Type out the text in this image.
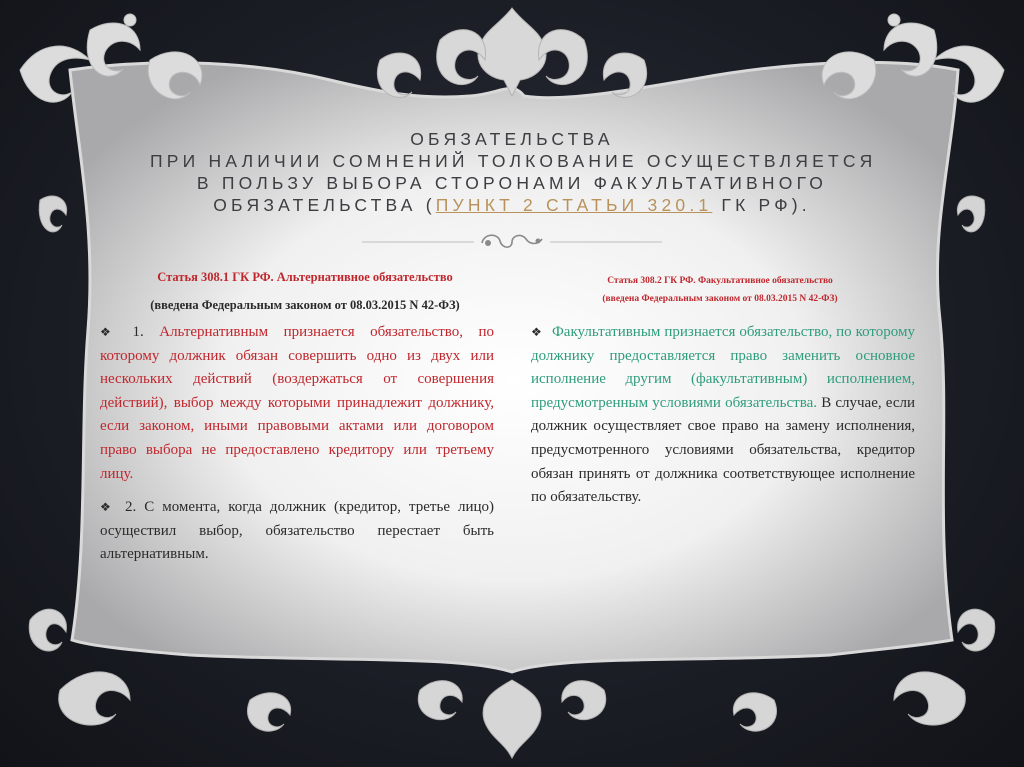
ОБЯЗАТЕЛЬСТВА
ПРИ НАЛИЧИИ СОМНЕНИЙ ТОЛКОВАНИЕ ОСУЩЕСТВЛЯЕТСЯ
В ПОЛЬЗУ ВЫБОРА СТОРОНАМИ ФАКУЛЬТАТИВНОГО
ОБЯЗАТЕЛЬСТВА (ПУНКТ 2 СТАТЬИ 320.1 ГК РФ).

Статья 308.1 ГК РФ. Альтернативное обязательство

(введена Федеральным законом от 08.03.2015 N 42-ФЗ)

Статья 308.2 ГК РФ. Факультативное обязательство

(введена Федеральным законом от 08.03.2015 N 42-ФЗ)

❖ 1. Альтернативным признается обязательство, по которому должник обязан совершить одно из двух или нескольких действий (воздержаться от совершения действий), выбор между которыми принадлежит должнику, если законом, иными правовыми актами или договором право выбора не предоставлено кредитору или третьему лицу.

❖ 2. С момента, когда должник (кредитор, третье лицо) осуществил выбор, обязательство перестает быть альтернативным.

❖ Факультативным признается обязательство, по которому должнику предоставляется право заменить основное исполнение другим (факультативным) исполнением, предусмотренным условиями обязательства. В случае, если должник осуществляет свое право на замену исполнения, предусмотренного условиями обязательства, кредитор обязан принять от должника соответствующее исполнение по обязательству.
